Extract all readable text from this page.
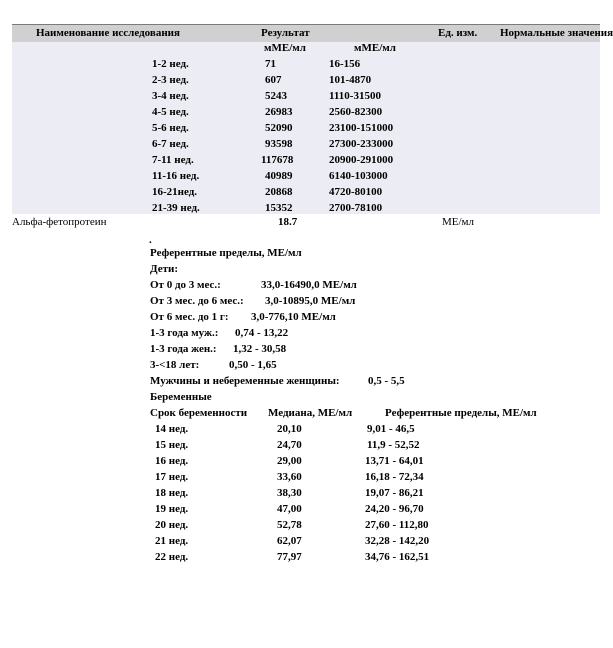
Наименование исследования	Результат	Ед. изм. Нормальные значения
мМЕ/мл	мМЕ/мл
1-2 нед.	71	16-156
2-3 нед.	607	101-4870
3-4 нед.	5243	1110-31500
4-5 нед.	26983	2560-82300
5-6 нед.	52090	23100-151000
6-7 нед.	93598	27300-233000
7-11 нед.	117678	20900-291000
11-16 нед.	40989	6140-103000
16-21нед.	20868	4720-80100
21-39 нед.	15352	2700-78100
Альфа-фетопротеин	18.7	МЕ/мл
.
Референтные пределы, МЕ/мл
Дети:
От 0 до 3 мес.:	33,0-16490,0 МЕ/мл
От 3 мес. до 6 мес.: 3,0-10895,0 МЕ/мл
От 6 мес. до 1 г: 3,0-776,10 МЕ/мл
1-3 года муж.: 0,74 - 13,22
1-3 года жен.: 1,32 - 30,58
3-<18 лет:	0,50 - 1,65
Мужчины и небеременные женщины:	0,5 - 5,5
Беременные
Срок беременности Медиана, МЕ/мл	Референтные пределы, МЕ/мл
14 нед.	20,10	9,01 - 46,5
15 нед.	24,70	11,9 - 52,52
16 нед.	29,00	13,71 - 64,01
17 нед.	33,60	16,18 - 72,34
18 нед.	38,30	19,07 - 86,21
19 нед.	47,00	24,20 - 96,70
20 нед.	52,78	27,60 - 112,80
21 нед.	62,07	32,28 - 142,20
22 нед.	77,97	34,76 - 162,51
